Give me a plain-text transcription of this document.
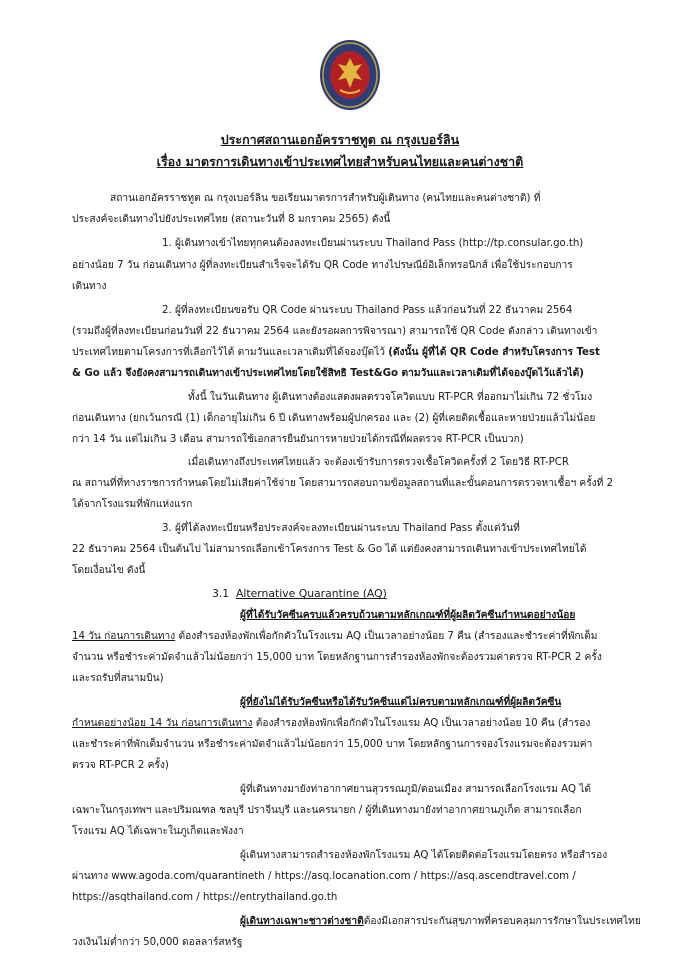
ประกาศสถานเอกอัครราชทูต ณ กรุงเบอร์ลิน
เรื่อง มาตรการเดินทางเข้าประเทศไทยสำหรับคนไทยและคนต่างชาติ
สถานเอกอัครราชทูต ณ กรุงเบอร์ลิน ขอเรียนมาตรการสำหรับผู้เดินทาง (คนไทยและคนต่างชาติ) ที่
ประสงค์จะเดินทางไปยังประเทศไทย (สถานะวันที่ 8 มกราคม 2565) ดังนี้
1. ผู้เดินทางเข้าไทยทุกคนต้องลงทะเบียนผ่านระบบ Thailand Pass (http://tp.consular.go.th)
อย่างน้อย 7 วัน ก่อนเดินทาง ผู้ที่ลงทะเบียนสำเร็จจะได้รับ QR Code ทางไปรษณีย์อิเล็กทรอนิกส์ เพื่อใช้ประกอบการ
เดินทาง
2. ผู้ที่ลงทะเบียนขอรับ QR Code ผ่านระบบ Thailand Pass แล้วก่อนวันที่ 22 ธันวาคม 2564
(รวมถึงผู้ที่ลงทะเบียนก่อนวันที่ 22 ธันวาคม 2564 และยังรอผลการพิจารณา) สามารถใช้ QR Code ดังกล่าว เดินทางเข้า
ประเทศไทยตามโครงการที่เลือกไว้ได้ ตามวันและเวลาเดิมที่ได้จองบุ๊ตไว้ (ดังนั้น ผู้ที่ได้ QR Code สำหรับโครงการ Test
& Go แล้ว จึงยังคงสามารถเดินทางเข้าประเทศไทยโดยใช้สิทธิ Test&Go ตามวันและเวลาเดิมที่ได้จองบุ๊ตไว้แล้วได้)
ทั้งนี้ ในวันเดินทาง ผู้เดินทางต้องแสดงผลตรวจโควิดแบบ RT-PCR ที่ออกมาไม่เกิน 72 ชั่วโมง
ก่อนเดินทาง (ยกเว้นกรณี (1) เด็กอายุไม่เกิน 6 ปี เดินทางพร้อมผู้ปกครอง และ (2) ผู้ที่เคยติดเชื้อและหายป่วยแล้วไม่น้อย
กว่า 14 วัน แต่ไม่เกิน 3 เดือน สามารถใช้เอกสารยืนยันการหายป่วยได้กรณีที่ผลตรวจ RT-PCR เป็นบวก)
เมื่อเดินทางถึงประเทศไทยแล้ว จะต้องเข้ารับการตรวจเชื้อโควิดครั้งที่ 2 โดยวิธี RT-PCR
ณ สถานที่ที่ทางราชการกำหนดโดยไม่เสียค่าใช้จ่าย โดยสามารถสอบถามข้อมูลสถานที่และขั้นตอนการตรวจหาเชื้อฯ ครั้งที่ 2
ได้จากโรงแรมที่พักแห่งแรก
3. ผู้ที่ได้ลงทะเบียนหรือประสงค์จะลงทะเบียนผ่านระบบ Thailand Pass ตั้งแต่วันที่
22 ธันวาคม 2564 เป็นต้นไป ไม่สามารถเลือกเข้าโครงการ Test & Go ได้ แต่ยังคงสามารถเดินทางเข้าประเทศไทยได้
โดยเงื่อนไข ดังนี้
3.1 Alternative Quarantine (AQ)
ผู้ที่ได้รับวัคซีนครบแล้วครบถ้วนตามหลักเกณฑ์ที่ผู้ผลิตวัคซีนกำหนดอย่างน้อย
14 วัน ก่อนการเดินทาง ต้องสำรองห้องพักเพื่อกักตัวในโรงแรม AQ เป็นเวลาอย่างน้อย 7 คืน (สำรองและชำระค่าที่พักเต็ม
จำนวน หรือชำระค่ามัดจำแล้วไม่น้อยกว่า 15,000 บาท โดยหลักฐานการสำรองห้องพักจะต้องรวมค่าตรวจ RT-PCR 2 ครั้ง
และรถรับที่สนามบิน)
ผู้ที่ยังไม่ได้รับวัคซีนหรือได้รับวัคซีนแต่ไม่ครบตามหลักเกณฑ์ที่ผู้ผลิตวัคซีน
กำหนดอย่างน้อย 14 วัน ก่อนการเดินทาง ต้องสำรองห้องพักเพื่อกักตัวในโรงแรม AQ เป็นเวลาอย่างน้อย 10 คืน (สำรอง
และชำระค่าที่พักเต็มจำนวน หรือชำระค่ามัดจำแล้วไม่น้อยกว่า 15,000 บาท โดยหลักฐานการจองโรงแรมจะต้องรวมค่า
ตรวจ RT-PCR 2 ครั้ง)
ผู้ที่เดินทางมายังท่าอากาศยานสุวรรณภูมิ/ดอนเมือง สามารถเลือกโรงแรม AQ ได้
เฉพาะในกรุงเทพฯ และปริมณฑล ชลบุรี ปราจีนบุรี และนครนายก / ผู้ที่เดินทางมายังท่าอากาศยานภูเก็ต สามารถเลือก
โรงแรม AQ ได้เฉพาะในภูเก็ตและพังงา
ผู้เดินทางสามารถสำรองห้องพักโรงแรม AQ ได้โดยติดต่อโรงแรมโดยตรง หรือสำรอง
ผ่านทาง www.agoda.com/quarantineth / https://asq.locanation.com / https://asq.ascendtravel.com /
https://asqthailand.com / https://entrythailand.go.th
ผู้เดินทางเฉพาะชาวต่างชาติต้องมีเอกสารประกันสุขภาพที่ครอบคลุมการรักษาในประเทศไทย
วงเงินไม่ต่ำกว่า 50,000 ดอลลาร์สหรัฐ
